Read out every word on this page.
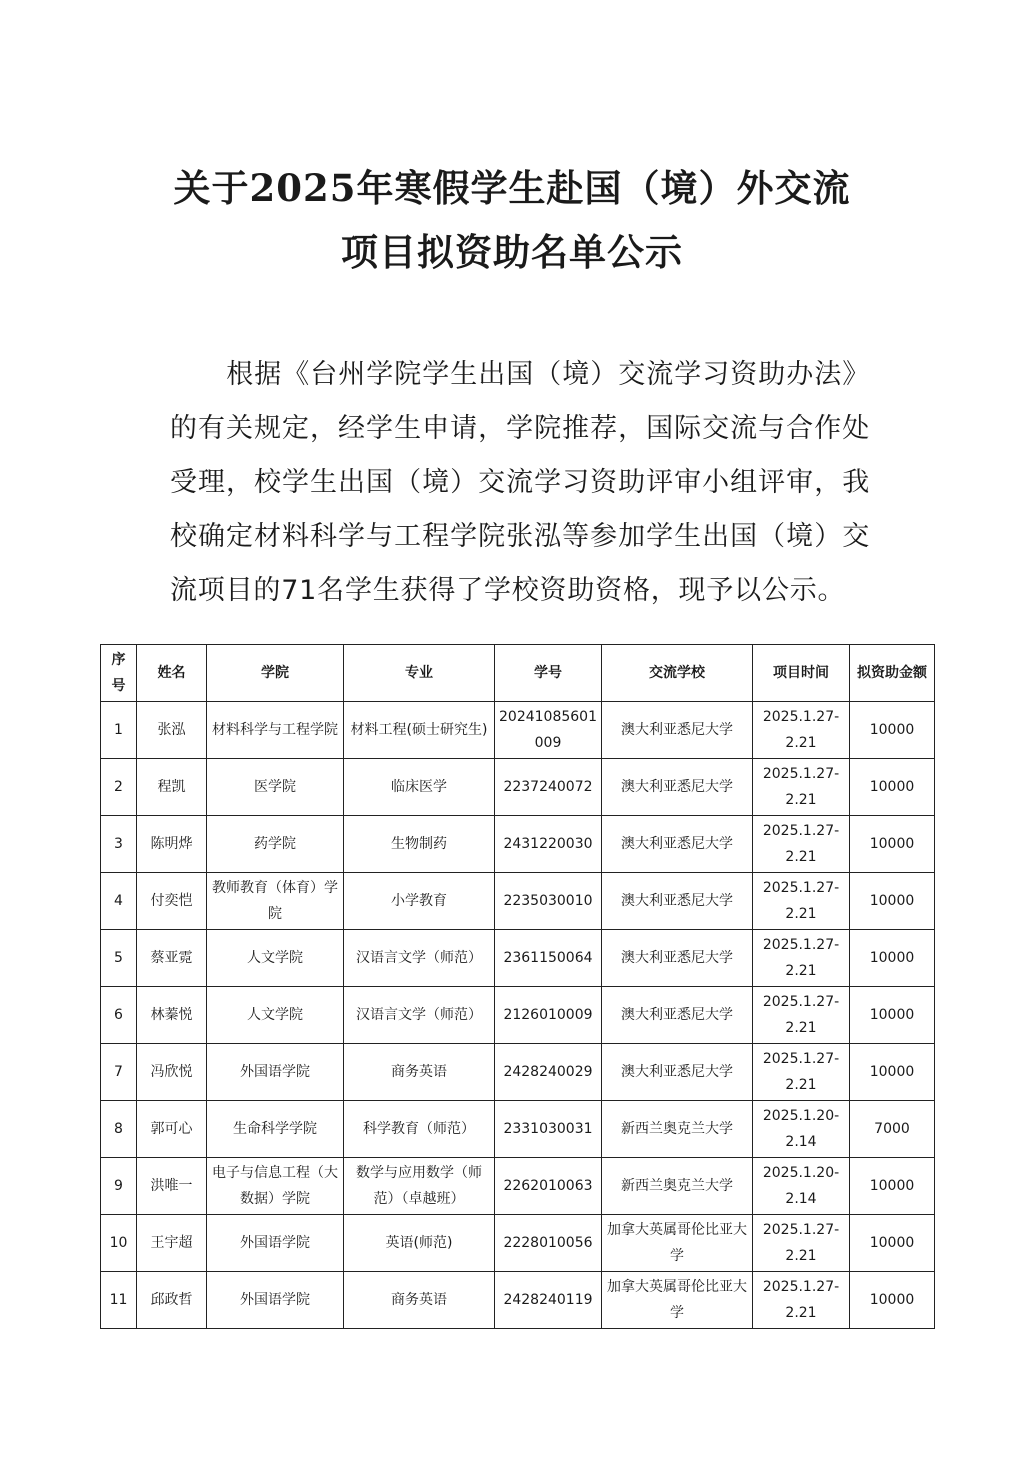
关于2025年寒假学生赴国（境）外交流
项目拟资助名单公示
根据《台州学院学生出国（境）交流学习资助办法》的有关规定，经学生申请，学院推荐，国际交流与合作处受理，校学生出国（境）交流学习资助评审小组评审，我校确定材料科学与工程学院张泓等参加学生出国（境）交流项目的71名学生获得了学校资助资格，现予以公示。
序号	姓名	学院	专业	学号	交流学校	项目时间	拟资助金额
1	张泓	材料科学与工程学院	材料工程(硕士研究生)	20241085601009	澳大利亚悉尼大学	2025.1.27-2.21	10000
2	程凯	医学院	临床医学	2237240072	澳大利亚悉尼大学	2025.1.27-2.21	10000
3	陈明烨	药学院	生物制药	2431220030	澳大利亚悉尼大学	2025.1.27-2.21	10000
4	付奕恺	教师教育（体育）学院	小学教育	2235030010	澳大利亚悉尼大学	2025.1.27-2.21	10000
5	蔡亚霓	人文学院	汉语言文学（师范）	2361150064	澳大利亚悉尼大学	2025.1.27-2.21	10000
6	林蓁悦	人文学院	汉语言文学（师范）	2126010009	澳大利亚悉尼大学	2025.1.27-2.21	10000
7	冯欣悦	外国语学院	商务英语	2428240029	澳大利亚悉尼大学	2025.1.27-2.21	10000
8	郭可心	生命科学学院	科学教育（师范）	2331030031	新西兰奥克兰大学	2025.1.20-2.14	7000
9	洪唯一	电子与信息工程（大数据）学院	数学与应用数学（师范）（卓越班）	2262010063	新西兰奥克兰大学	2025.1.20-2.14	10000
10	王宇超	外国语学院	英语(师范)	2228010056	加拿大英属哥伦比亚大学	2025.1.27-2.21	10000
11	邱政哲	外国语学院	商务英语	2428240119	加拿大英属哥伦比亚大学	2025.1.27-2.21	10000
